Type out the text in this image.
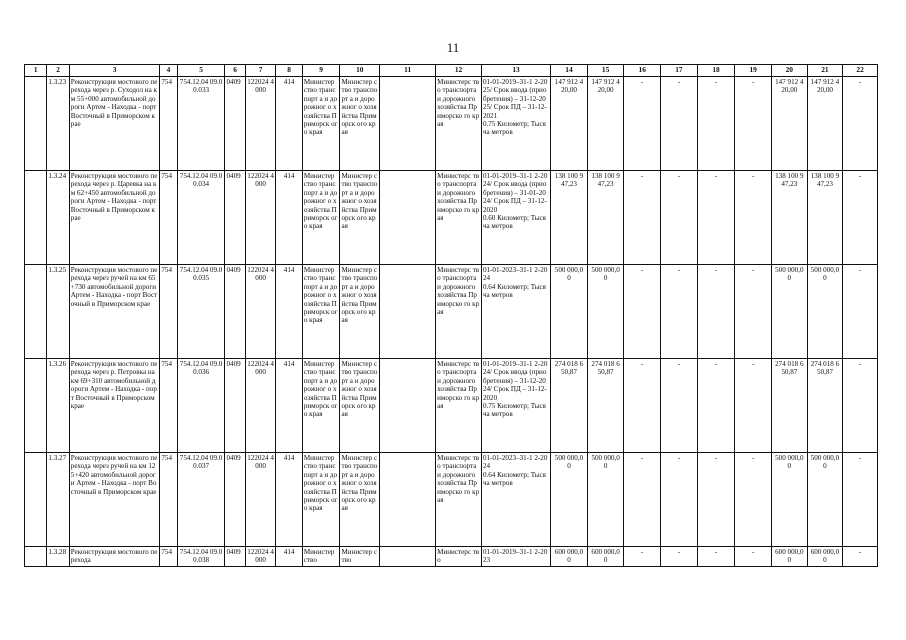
11
1	2	3	4	5	6	7	8	9	10	11	12	13	14	15	16	17	18	19	20	21	22
	1.3.23	Реконструкция мостового перехода через р. Суходол на км 55+000 автомобильной дороги Артем - Находка - порт Восточный в Приморском крае	754	754.12.04 09.00.033	0409	122024 4000	414	Министер ство транспорт а и дорожног о хозяйства Приморск ого края	Министер ство транспорт а и дорожног о хозяйства Приморск ого края		Министерс тво транспорта и дорожного хозяйства Приморско го края	01-01-2019–31-1 2-2025/ Срок ввода (приобретения) – 31-12-2025/ Срок ПД – 31-12-2021
0.75 Километр; Тысяча метров	147 912 4 20,00	147 912 4 20,00	-	-	-	-	147 912 4 20,00	147 912 4 20,00	-
	1.3.24	Реконструкция мостового перехода через р. Царевка на км 62+450 автомобильной дороги Артем - Находка - порт Восточный в Приморском крае	754	754.12.04 09.00.034	0409	122024 4000	414	Министер ство транспорт а и дорожног о хозяйства Приморск ого края	Министер ство транспорт а и дорожног о хозяйства Приморск ого края		Министерс тво транспорта и дорожного хозяйства Приморско го края	01-01-2019–31-1 2-2024/ Срок ввода (приобретения) – 31-01-2024/ Срок ПД – 31-12-2020
0.60 Километр; Тысяча метров	138 100 9 47,23	138 100 9 47,23	-	-	-	-	138 100 9 47,23	138 100 9 47,23	-
	1.3.25	Реконструкция мостового перехода через ручей на км 65+730 автомобильной дороги Артем - Находка - порт Восточный в Приморском крае	754	754.12.04 09.00.035	0409	122024 4000	414	Министер ство транспорт а и дорожног о хозяйства Приморск ого края	Министер ство транспорт а и дорожног о хозяйства Приморск ого края		Министерс тво транспорта и дорожного хозяйства Приморско го края	01-01-2023–31-1 2-2024
0.64 Километр; Тысяча метров	500 000,0 0	500 000,0 0	-	-	-	-	500 000,0 0	500 000,0 0	-
	1.3.26	Реконструкция мостового перехода через р. Петровка на км 69+310 автомобильной дороги Артем - Находка - порт Восточный в Приморском крае	754	754.12.04 09.00.036	0409	122024 4000	414	Министер ство транспорт а и дорожног о хозяйства Приморск ого края	Министер ство транспорт а и дорожног о хозяйства Приморск ого края		Министерс тво транспорта и дорожного хозяйства Приморско го края	01-01-2019–31-1 2-2024/ Срок ввода (приобретения) – 31-12-2024/ Срок ПД – 31-12-2020
0.75 Километр; Тысяча метров	274 018 6 50,87	274 018 6 50,87	-	-	-	-	274 018 6 50,87	274 018 6 50,87	-
	1.3.27	Реконструкция мостового перехода через ручей на км 125+420 автомобильной дороги Артем - Находка - порт Восточный в Приморском крае	754	754.12.04 09.00.037	0409	122024 4000	414	Министер ство транспорт а и дорожног о хозяйства Приморск ого края	Министер ство транспорт а и дорожног о хозяйства Приморск ого края		Министерс тво транспорта и дорожного хозяйства Приморско го края	01-01-2023–31-1 2-2024
0.64 Километр; Тысяча метров	500 000,0 0	500 000,0 0	-	-	-	-	500 000,0 0	500 000,0 0	-
	1.3.28	Реконструкция мостового перехода	754	754.12.04 09.00.038	0409	122024 4000	414	Министер ство	Министер ство		Министерс тво	01-01-2019–31-1 2-2023	600 000,0 0	600 000,0 0	-	-	-	-	600 000,0 0	600 000,0 0	-
